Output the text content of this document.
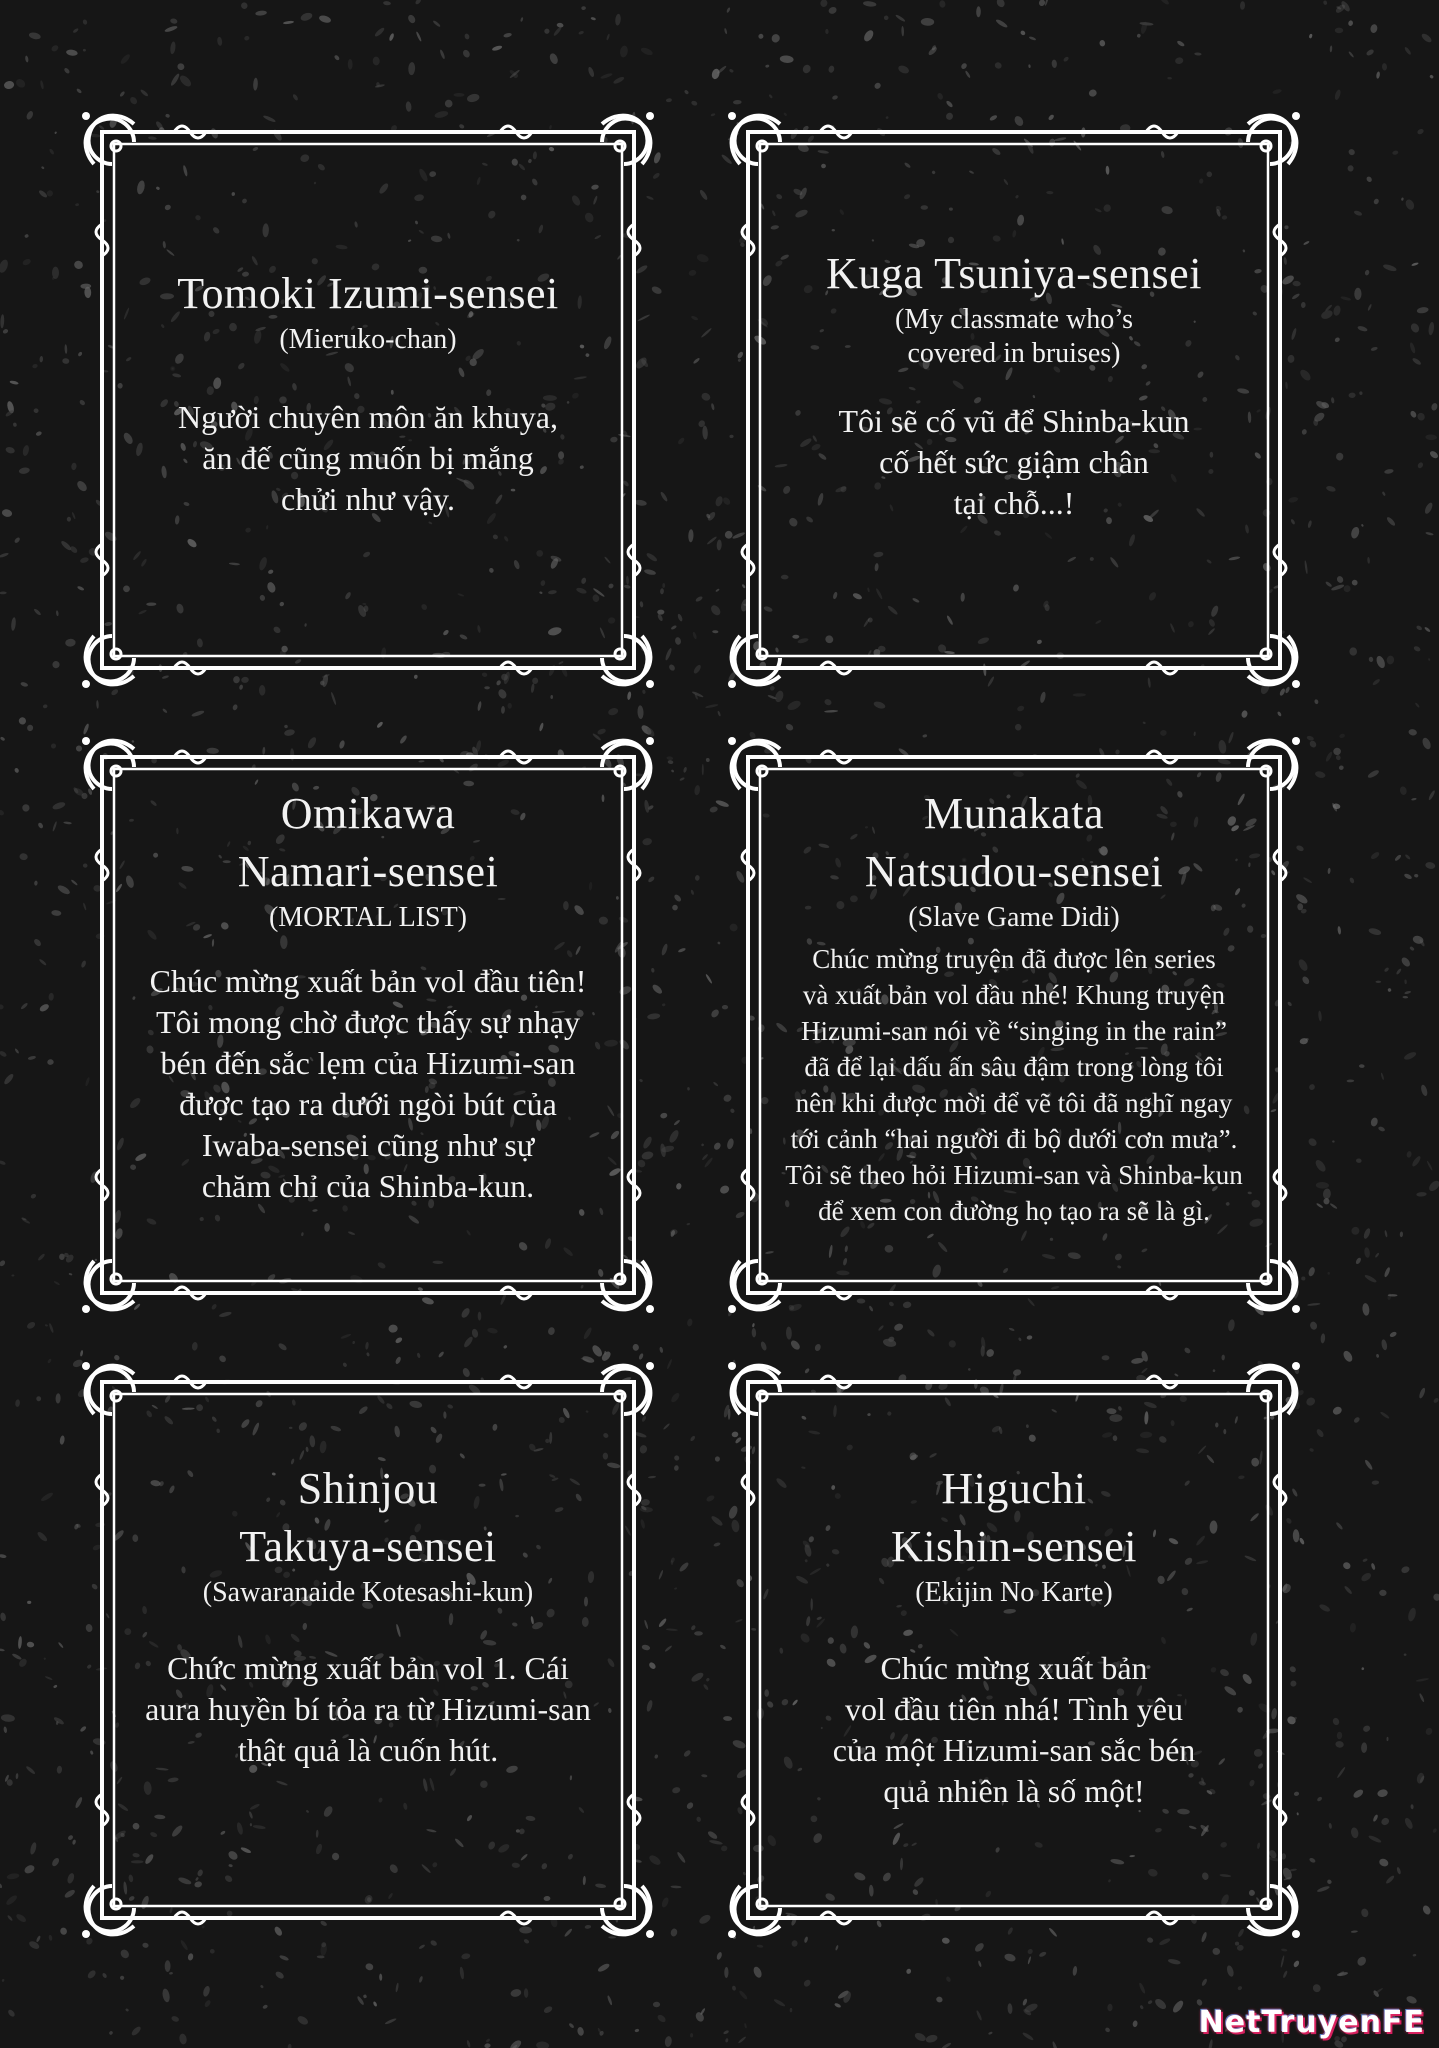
Tomoki Izumi-sensei
(Mieruko-chan)
Người chuyên môn ăn khuya,
ăn đế cũng muốn bị mắng
chửi như vậy.
Kuga Tsuniya-sensei
(My classmate who’s
covered in bruises)
Tôi sẽ cố vũ để Shinba-kun
cố hết sức giậm chân
tại chỗ...!
Omikawa
Namari-sensei
(MORTAL LIST)
Chúc mừng xuất bản vol đầu tiên!
Tôi mong chờ được thấy sự nhạy
bén đến sắc lẹm của Hizumi-san
được tạo ra dưới ngòi bút của
Iwaba-sensei cũng như sự
chăm chỉ của Shinba-kun.
Munakata
Natsudou-sensei
(Slave Game Didi)
Chúc mừng truyện đã được lên series
và xuất bản vol đầu nhé! Khung truyện
Hizumi-san nói về “singing in the rain”
đã để lại dấu ấn sâu đậm trong lòng tôi
nên khi được mời để vẽ tôi đã nghĩ ngay
tới cảnh “hai người đi bộ dưới cơn mưa”.
Tôi sẽ theo hỏi Hizumi-san và Shinba-kun
để xem con đường họ tạo ra sẽ là gì.
Shinjou
Takuya-sensei
(Sawaranaide Kotesashi-kun)
Chức mừng xuất bản vol 1. Cái
aura huyền bí tỏa ra từ Hizumi-san
thật quả là cuốn hút.
Higuchi
Kishin-sensei
(Ekijin No Karte)
Chúc mừng xuất bản
vol đầu tiên nhá! Tình yêu
của một Hizumi-san sắc bén
quả nhiên là số một!
NetTruyenFE
